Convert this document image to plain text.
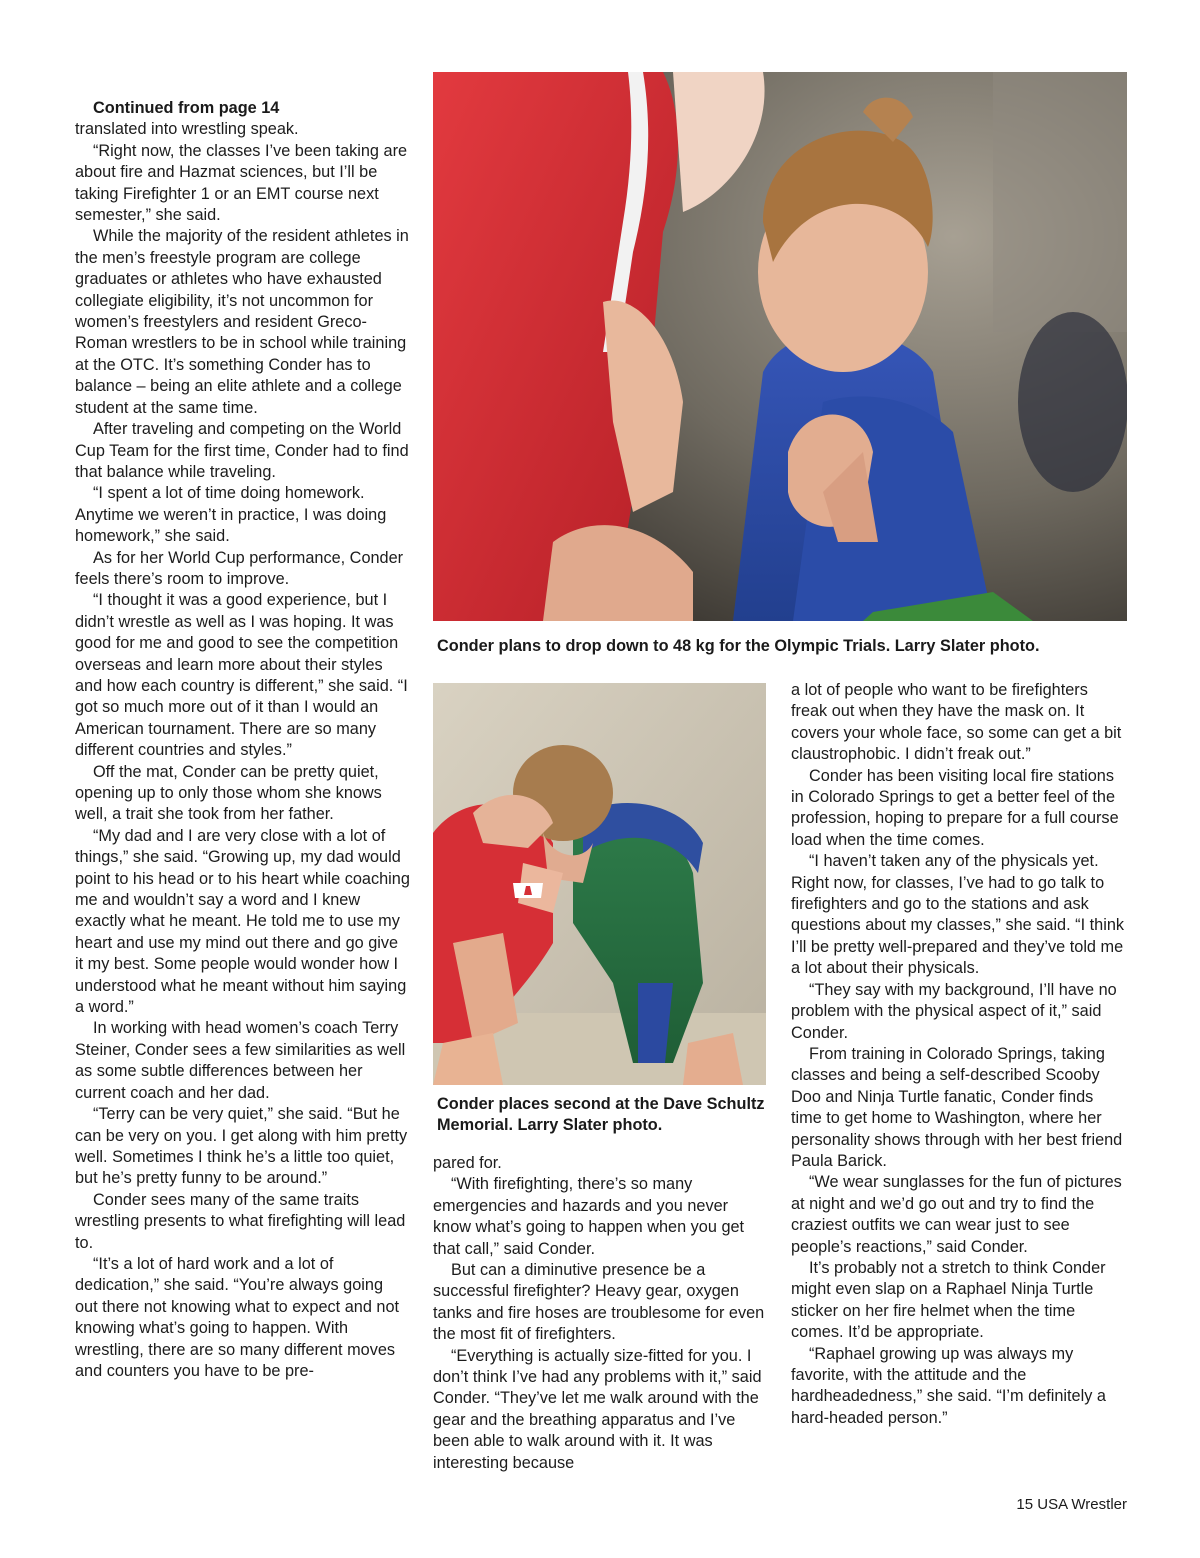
Continued from page 14

translated into wrestling speak.

“Right now, the classes I’ve been taking are about fire and Hazmat sciences, but I’ll be taking Firefighter 1 or an EMT course next semester,” she said.

While the majority of the resident athletes in the men’s freestyle program are college graduates or athletes who have exhausted collegiate eligibility, it’s not uncommon for women’s freestylers and resident Greco-Roman wrestlers to be in school while training at the OTC. It’s something Conder has to balance – being an elite athlete and a college student at the same time.

After traveling and competing on the World Cup Team for the first time, Conder had to find that balance while traveling.

“I spent a lot of time doing homework. Anytime we weren’t in practice, I was doing homework,” she said.

As for her World Cup performance, Conder feels there’s room to improve.

“I thought it was a good experience, but I didn’t wrestle as well as I was hoping. It was good for me and good to see the competition overseas and learn more about their styles and how each country is different,” she said. “I got so much more out of it than I would an American tournament. There are so many different countries and styles.”

Off the mat, Conder can be pretty quiet, opening up to only those whom she knows well, a trait she took from her father.

“My dad and I are very close with a lot of things,” she said. “Growing up, my dad would point to his head or to his heart while coaching me and wouldn’t say a word and I knew exactly what he meant. He told me to use my heart and use my mind out there and go give it my best. Some people would wonder how I understood what he meant without him saying a word.”

In working with head women’s coach Terry Steiner, Conder sees a few similarities as well as some subtle differences between her current coach and her dad.

“Terry can be very quiet,” she said. “But he can be very on you. I get along with him pretty well. Sometimes I think he’s a little too quiet, but he’s pretty funny to be around.”

Conder sees many of the same traits wrestling presents to what firefighting will lead to.

“It’s a lot of hard work and a lot of dedication,” she said. “You’re always going out there not knowing what to expect and not knowing what’s going to happen. With wrestling, there are so many different moves and counters you have to be pre-

Conder plans to drop down to 48 kg for the Olympic Trials. Larry Slater photo.
Conder places second at the Dave Schultz Memorial. Larry Slater photo.

pared for.

“With firefighting, there’s so many emergencies and hazards and you never know what’s going to happen when you get that call,” said Conder.

But can a diminutive presence be a successful firefighter? Heavy gear, oxygen tanks and fire hoses are troublesome for even the most fit of firefighters.

“Everything is actually size-fitted for you. I don’t think I’ve had any problems with it,” said Conder. “They’ve let me walk around with the gear and the breathing apparatus and I’ve been able to walk around with it. It was interesting because

a lot of people who want to be firefighters freak out when they have the mask on. It covers your whole face, so some can get a bit claustrophobic. I didn’t freak out.”

Conder has been visiting local fire stations in Colorado Springs to get a better feel of the profession, hoping to prepare for a full course load when the time comes.

“I haven’t taken any of the physicals yet. Right now, for classes, I’ve had to go talk to firefighters and go to the stations and ask questions about my classes,” she said. “I think I’ll be pretty well-prepared and they’ve told me a lot about their physicals.

“They say with my background, I’ll have no problem with the physical aspect of it,” said Conder.

From training in Colorado Springs, taking classes and being a self-described Scooby Doo and Ninja Turtle fanatic, Conder finds time to get home to Washington, where her personality shows through with her best friend Paula Barick.

“We wear sunglasses for the fun of pictures at night and we’d go out and try to find the craziest outfits we can wear just to see people’s reactions,” said Conder.

It’s probably not a stretch to think Conder might even slap on a Raphael Ninja Turtle sticker on her fire helmet when the time comes. It’d be appropriate.

“Raphael growing up was always my favorite, with the attitude and the hardheadedness,” she said. “I’m definitely a hard-headed person.”

15 USA Wrestler
